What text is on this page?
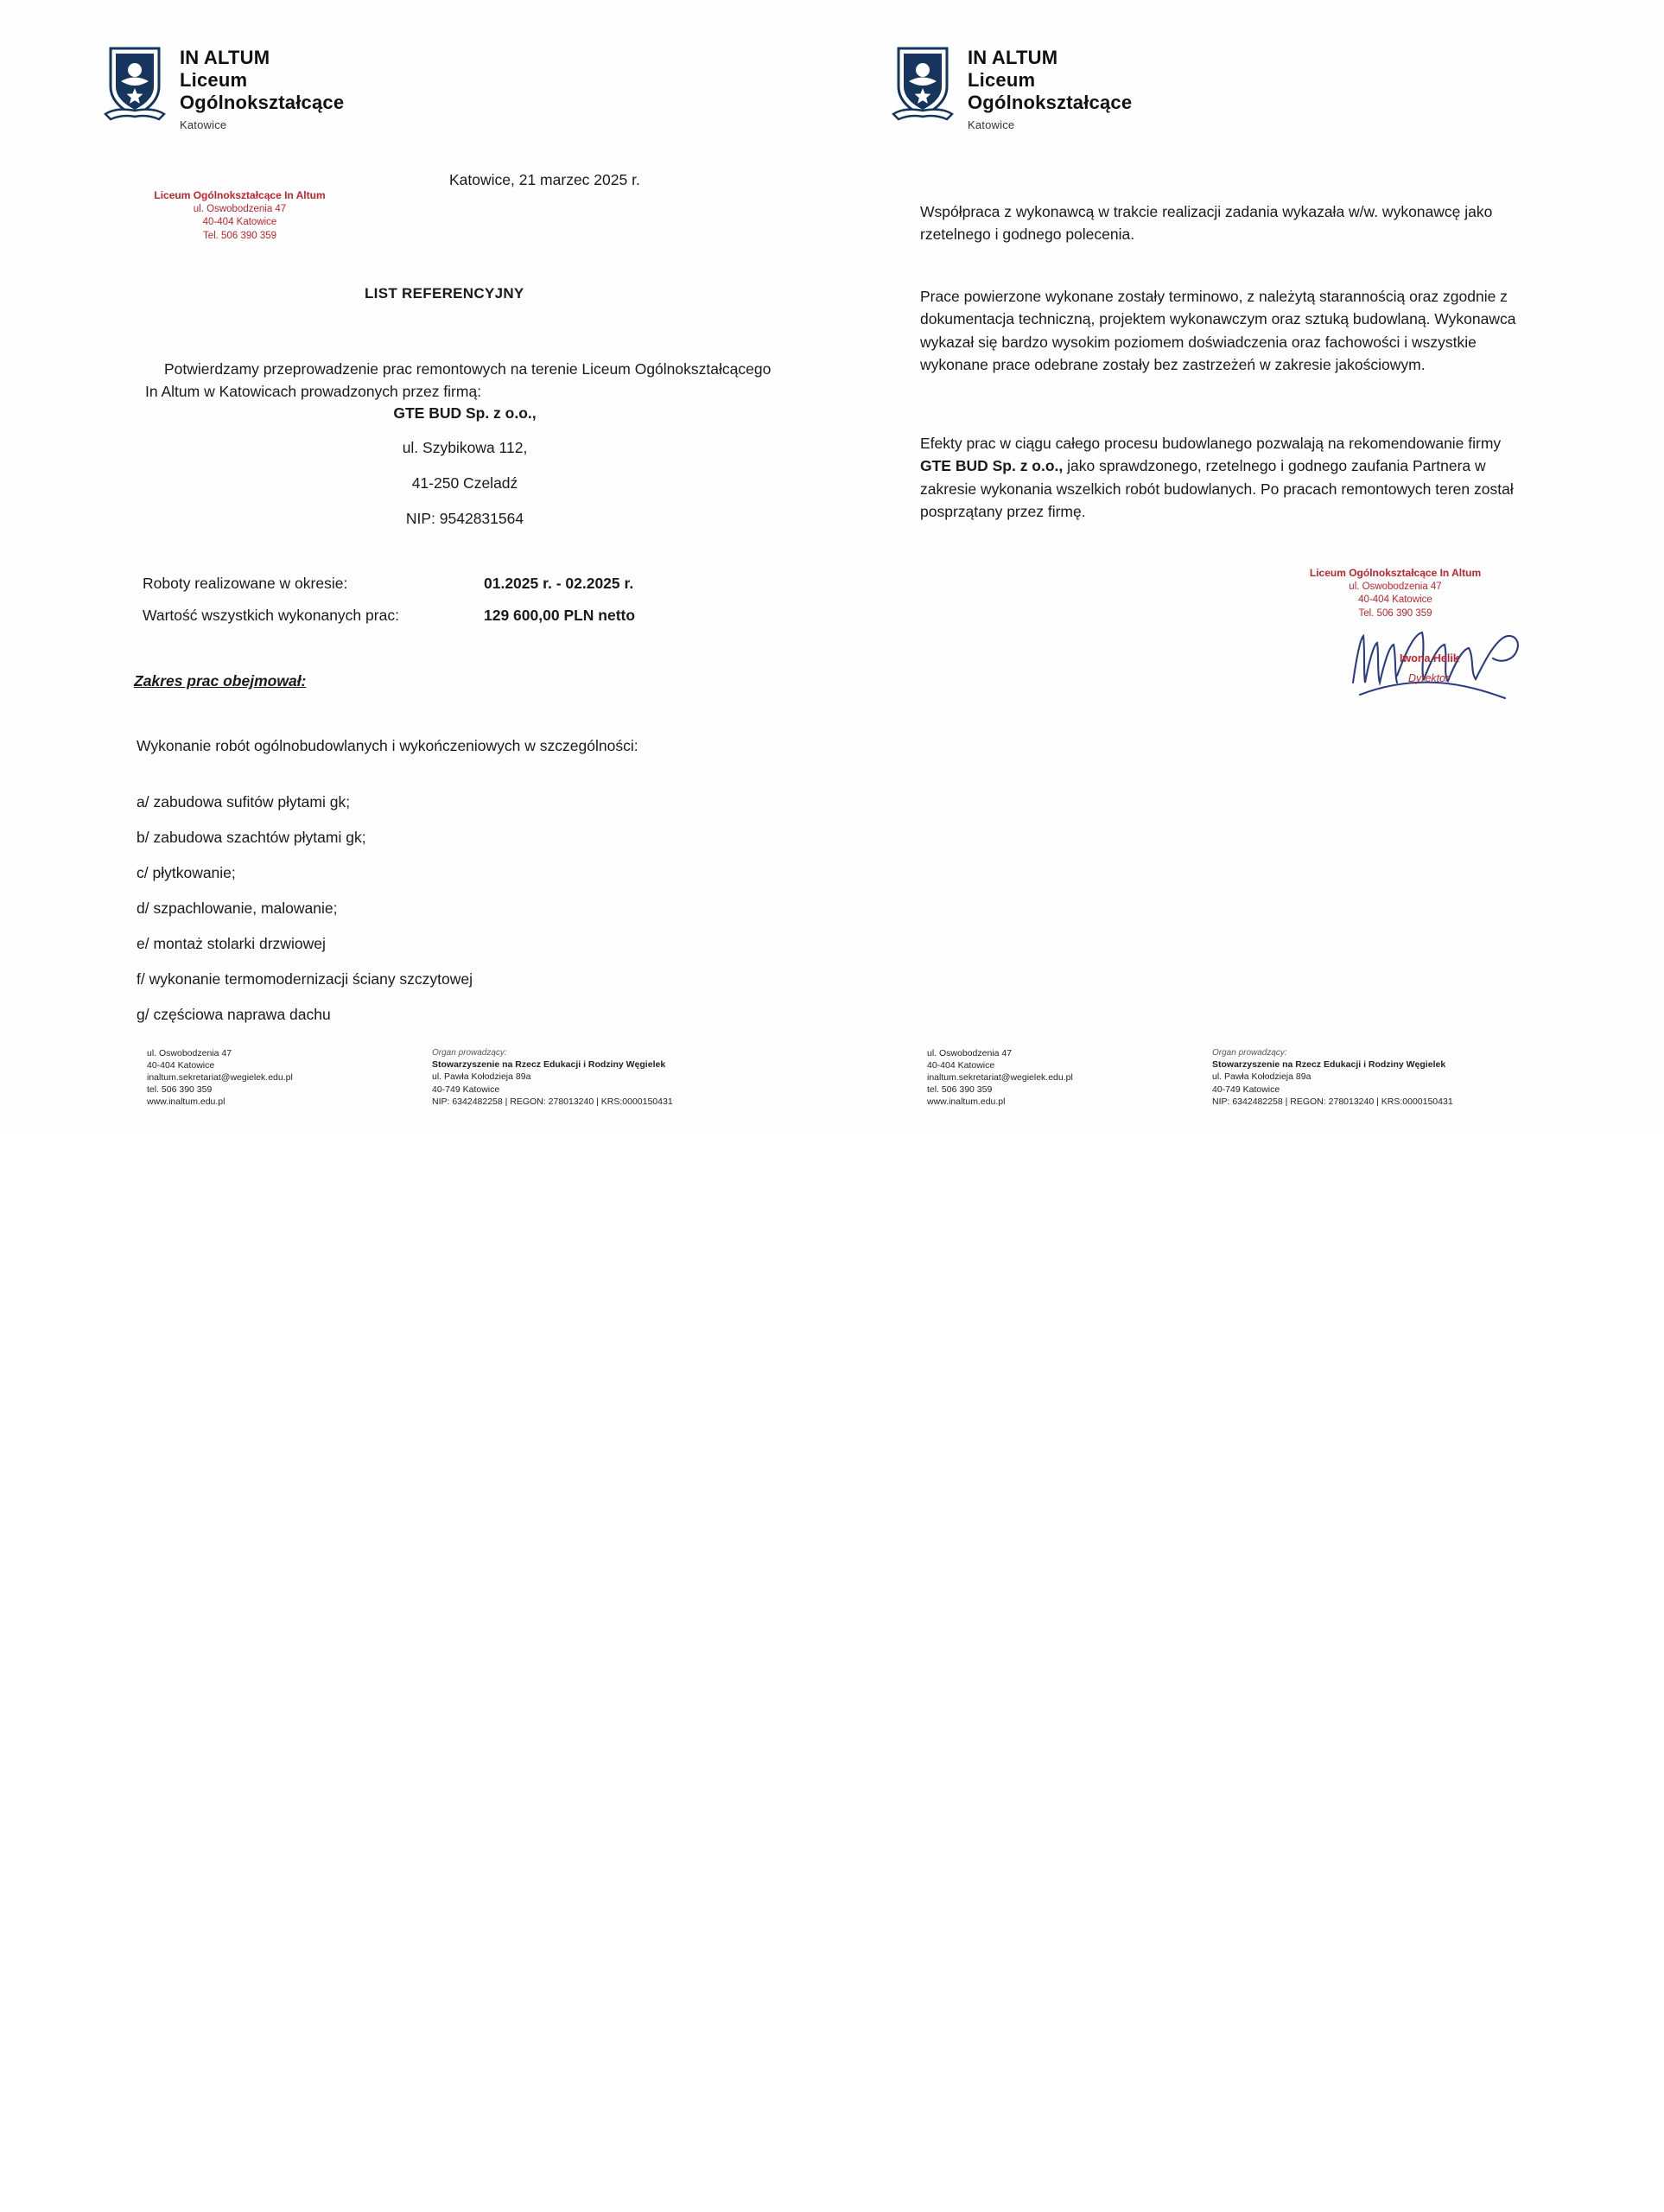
IN ALTUM
Liceum
Ogólnokształcące
Katowice
Liceum Ogólnokształcące In Altum
ul. Oswobodzenia 47
40-404 Katowice
Tel. 506 390 359
Katowice, 21 marzec 2025 r.
LIST REFERENCYJNY
Potwierdzamy przeprowadzenie prac remontowych na terenie Liceum Ogólnokształcącego In Altum w Katowicach prowadzonych przez firmą:
GTE BUD Sp. z o.o.,
ul. Szybikowa 112,
41-250 Czeladź
NIP: 9542831564
Roboty realizowane w okresie:	01.2025 r. - 02.2025 r.
Wartość wszystkich wykonanych prac:	129 600,00 PLN netto
Zakres prac obejmował:
Wykonanie robót ogólnobudowlanych i wykończeniowych w szczególności:
a/ zabudowa sufitów płytami gk;
b/ zabudowa szachtów płytami gk;
c/ płytkowanie;
d/ szpachlowanie, malowanie;
e/ montaż stolarki drzwiowej
f/ wykonanie termomodernizacji ściany szczytowej
g/ częściowa naprawa dachu
IN ALTUM
Liceum
Ogólnokształcące
Katowice
Współpraca z wykonawcą w trakcie realizacji zadania wykazała w/w. wykonawcę jako rzetelnego i godnego polecenia.
Prace powierzone wykonane zostały terminowo, z należytą starannością oraz zgodnie z dokumentacja techniczną, projektem wykonawczym oraz sztuką budowlaną. Wykonawca wykazał się bardzo wysokim poziomem doświadczenia oraz fachowości i wszystkie wykonane prace odebrane zostały bez zastrzeżeń w zakresie jakościowym.
Efekty prac w ciągu całego procesu budowlanego pozwalają na rekomendowanie firmy GTE BUD Sp. z o.o., jako sprawdzonego, rzetelnego i godnego zaufania Partnera w zakresie wykonania wszelkich robót budowlanych. Po pracach remontowych teren został posprzątany przez firmę.
Liceum Ogólnokształcące In Altum
ul. Oswobodzenia 47
40-404 Katowice
Tel. 506 390 359
Iwona Helik
Dyrektor
ul. Oswobodzenia 47
40-404 Katowice
inaltum.sekretariat@wegielek.edu.pl
tel. 506 390 359
www.inaltum.edu.pl
Organ prowadzący:
Stowarzyszenie na Rzecz Edukacji i Rodziny Węgielek
ul. Pawła Kołodzieja 89a
40-749 Katowice
NIP: 6342482258 | REGON: 278013240 | KRS:0000150431
ul. Oswobodzenia 47
40-404 Katowice
inaltum.sekretariat@wegielek.edu.pl
tel. 506 390 359
www.inaltum.edu.pl
Organ prowadzący:
Stowarzyszenie na Rzecz Edukacji i Rodziny Węgielek
ul. Pawła Kołodzieja 89a
40-749 Katowice
NIP: 6342482258 | REGON: 278013240 | KRS:0000150431
